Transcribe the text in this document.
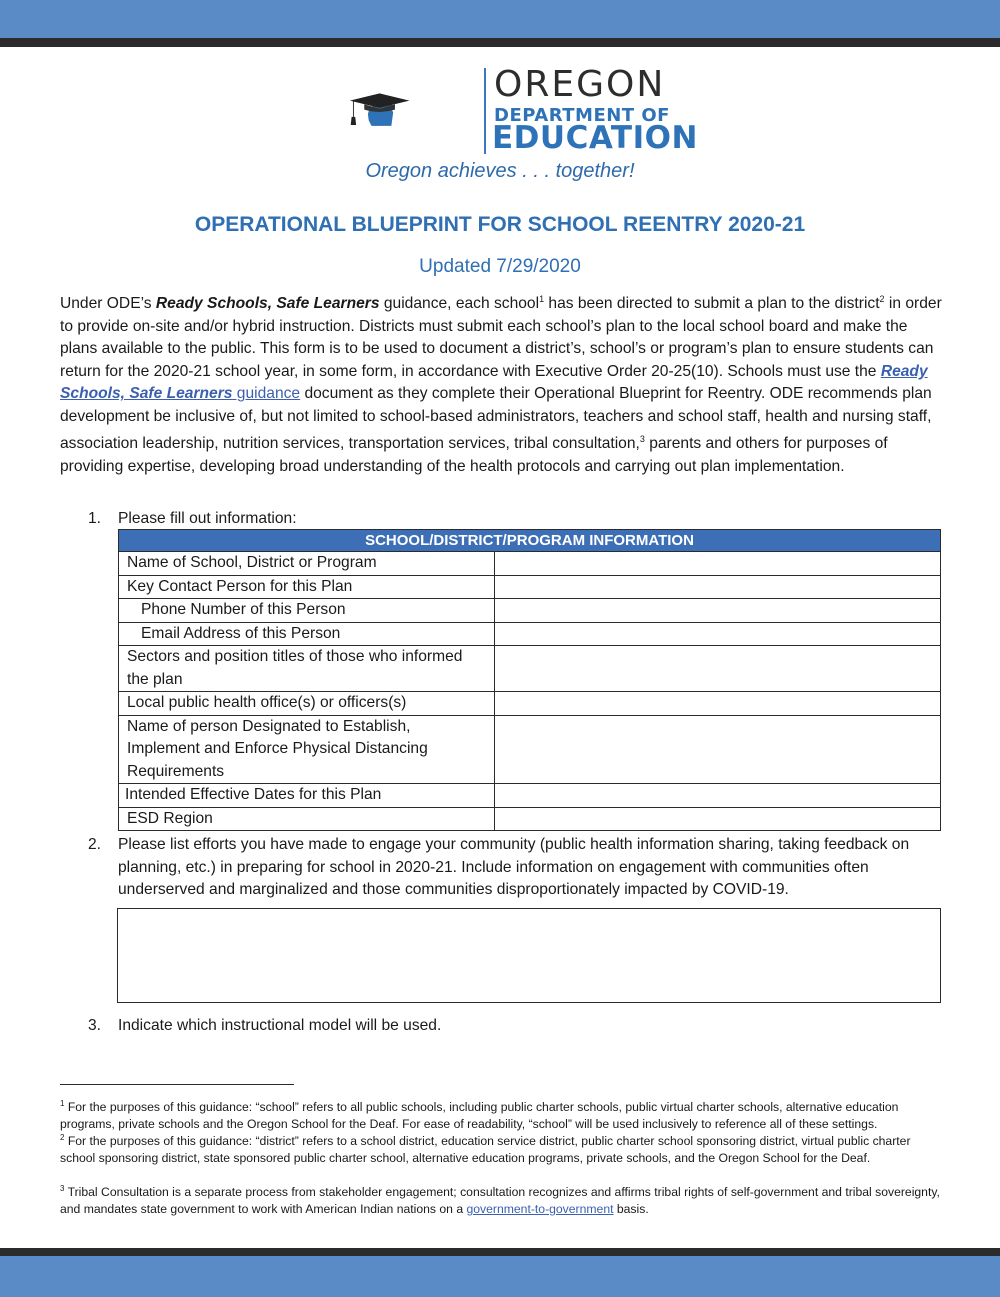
OREGON
DEPARTMENT OF
EDUCATION
Oregon achieves . . . together!
OPERATIONAL BLUEPRINT FOR SCHOOL REENTRY 2020-21
Updated 7/29/2020
Under ODE’s Ready Schools, Safe Learners guidance, each school$^1$ has been directed to submit a plan to the district$^2$ in order to provide on-site and/or hybrid instruction. Districts must submit each school’s plan to the local school board and make the plans available to the public. This form is to be used to document a district’s, school’s or program’s plan to ensure students can return for the 2020-21 school year, in some form, in accordance with Executive Order 20-25(10). Schools must use the Ready Schools, Safe Learners guidance document as they complete their Operational Blueprint for Reentry. ODE recommends plan development be inclusive of, but not limited to school-based administrators, teachers and school staff, health and nursing staff, association leadership, nutrition services, transportation services, tribal consultation,$^3$ parents and others for purposes of providing expertise, developing broad understanding of the health protocols and carrying out plan implementation.
1. Please fill out information:
SCHOOL/DISTRICT/PROGRAM INFORMATION	
Name of School, District or Program	
Key Contact Person for this Plan	
Phone Number of this Person	
Email Address of this Person	
Sectors and position titles of those who informed the plan	
Local public health office(s) or officers(s)	
Name of person Designated to Establish, Implement and Enforce Physical Distancing Requirements	
Intended Effective Dates for this Plan	
ESD Region	
2. Please list efforts you have made to engage your community (public health information sharing, taking feedback on planning, etc.) in preparing for school in 2020-21. Include information on engagement with communities often underserved and marginalized and those communities disproportionately impacted by COVID-19.
3. Indicate which instructional model will be used.
$^1$ For the purposes of this guidance: “school” refers to all public schools, including public charter schools, public virtual charter schools, alternative education programs, private schools and the Oregon School for the Deaf. For ease of readability, “school” will be used inclusively to reference all of these settings.
$^2$ For the purposes of this guidance: “district” refers to a school district, education service district, public charter school sponsoring district, virtual public charter school sponsoring district, state sponsored public charter school, alternative education programs, private schools, and the Oregon School for the Deaf.
$^3$ Tribal Consultation is a separate process from stakeholder engagement; consultation recognizes and affirms tribal rights of self-government and tribal sovereignty, and mandates state government to work with American Indian nations on a government-to-government basis.
